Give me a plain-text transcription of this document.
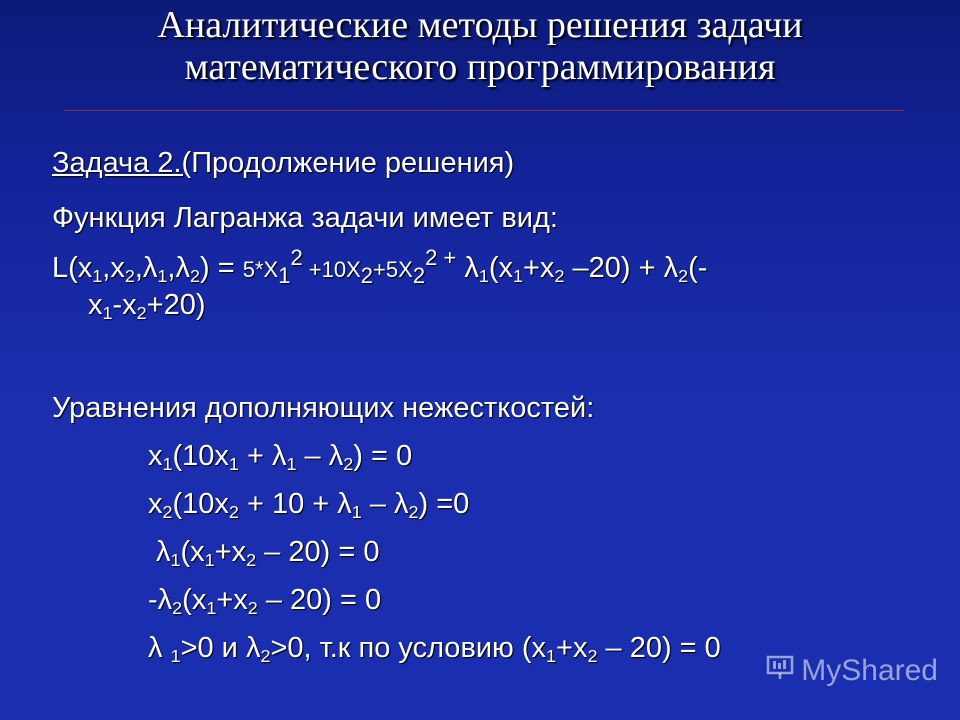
Аналитические методы решения задачи
математического программирования
Задача 2.(Продолжение решения)
Функция Лагранжа задачи имеет вид:
$L(x_1,x_2,\lambda_1,\lambda_2) = 5*X_1^2 +10X_2+5X_2^{2 +}$ $\lambda_1(x_1+x_2$ $-20) + \lambda_2(-$
$x_1-x_2+20$)
Уравнения дополняющих нежесткостей:
$x_1(10x_1 + \lambda_1 - \lambda_2) = 0$
$x_2(10x_2 + 10 + \lambda_1 - \lambda_2) =0$
$\lambda_1(x_1+x_2 - 20) = 0$
$-\lambda_2(x_1+x_2 - 20) = 0$
λ $_1$>0 и $\lambda_2>0$, т.к по условию $(x_1+x_2 - 20) = 0$
MyShared
